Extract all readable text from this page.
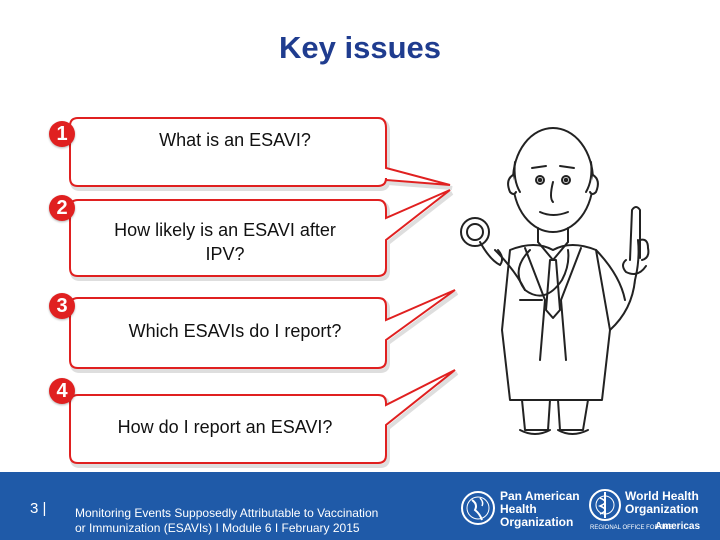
Key issues
1
2
3
4
What is an ESAVI?
How likely is an ESAVI after
IPV?
Which ESAVIs do I report?
How do I report an ESAVI?
3 | Monitoring Events Supposedly Attributable to Vaccination
or Immunization (ESAVIs) I Module 6 I February 2015
Pan American
Health
Organization
World Health
Organization
REGIONAL OFFICE FOR THE
Americas
